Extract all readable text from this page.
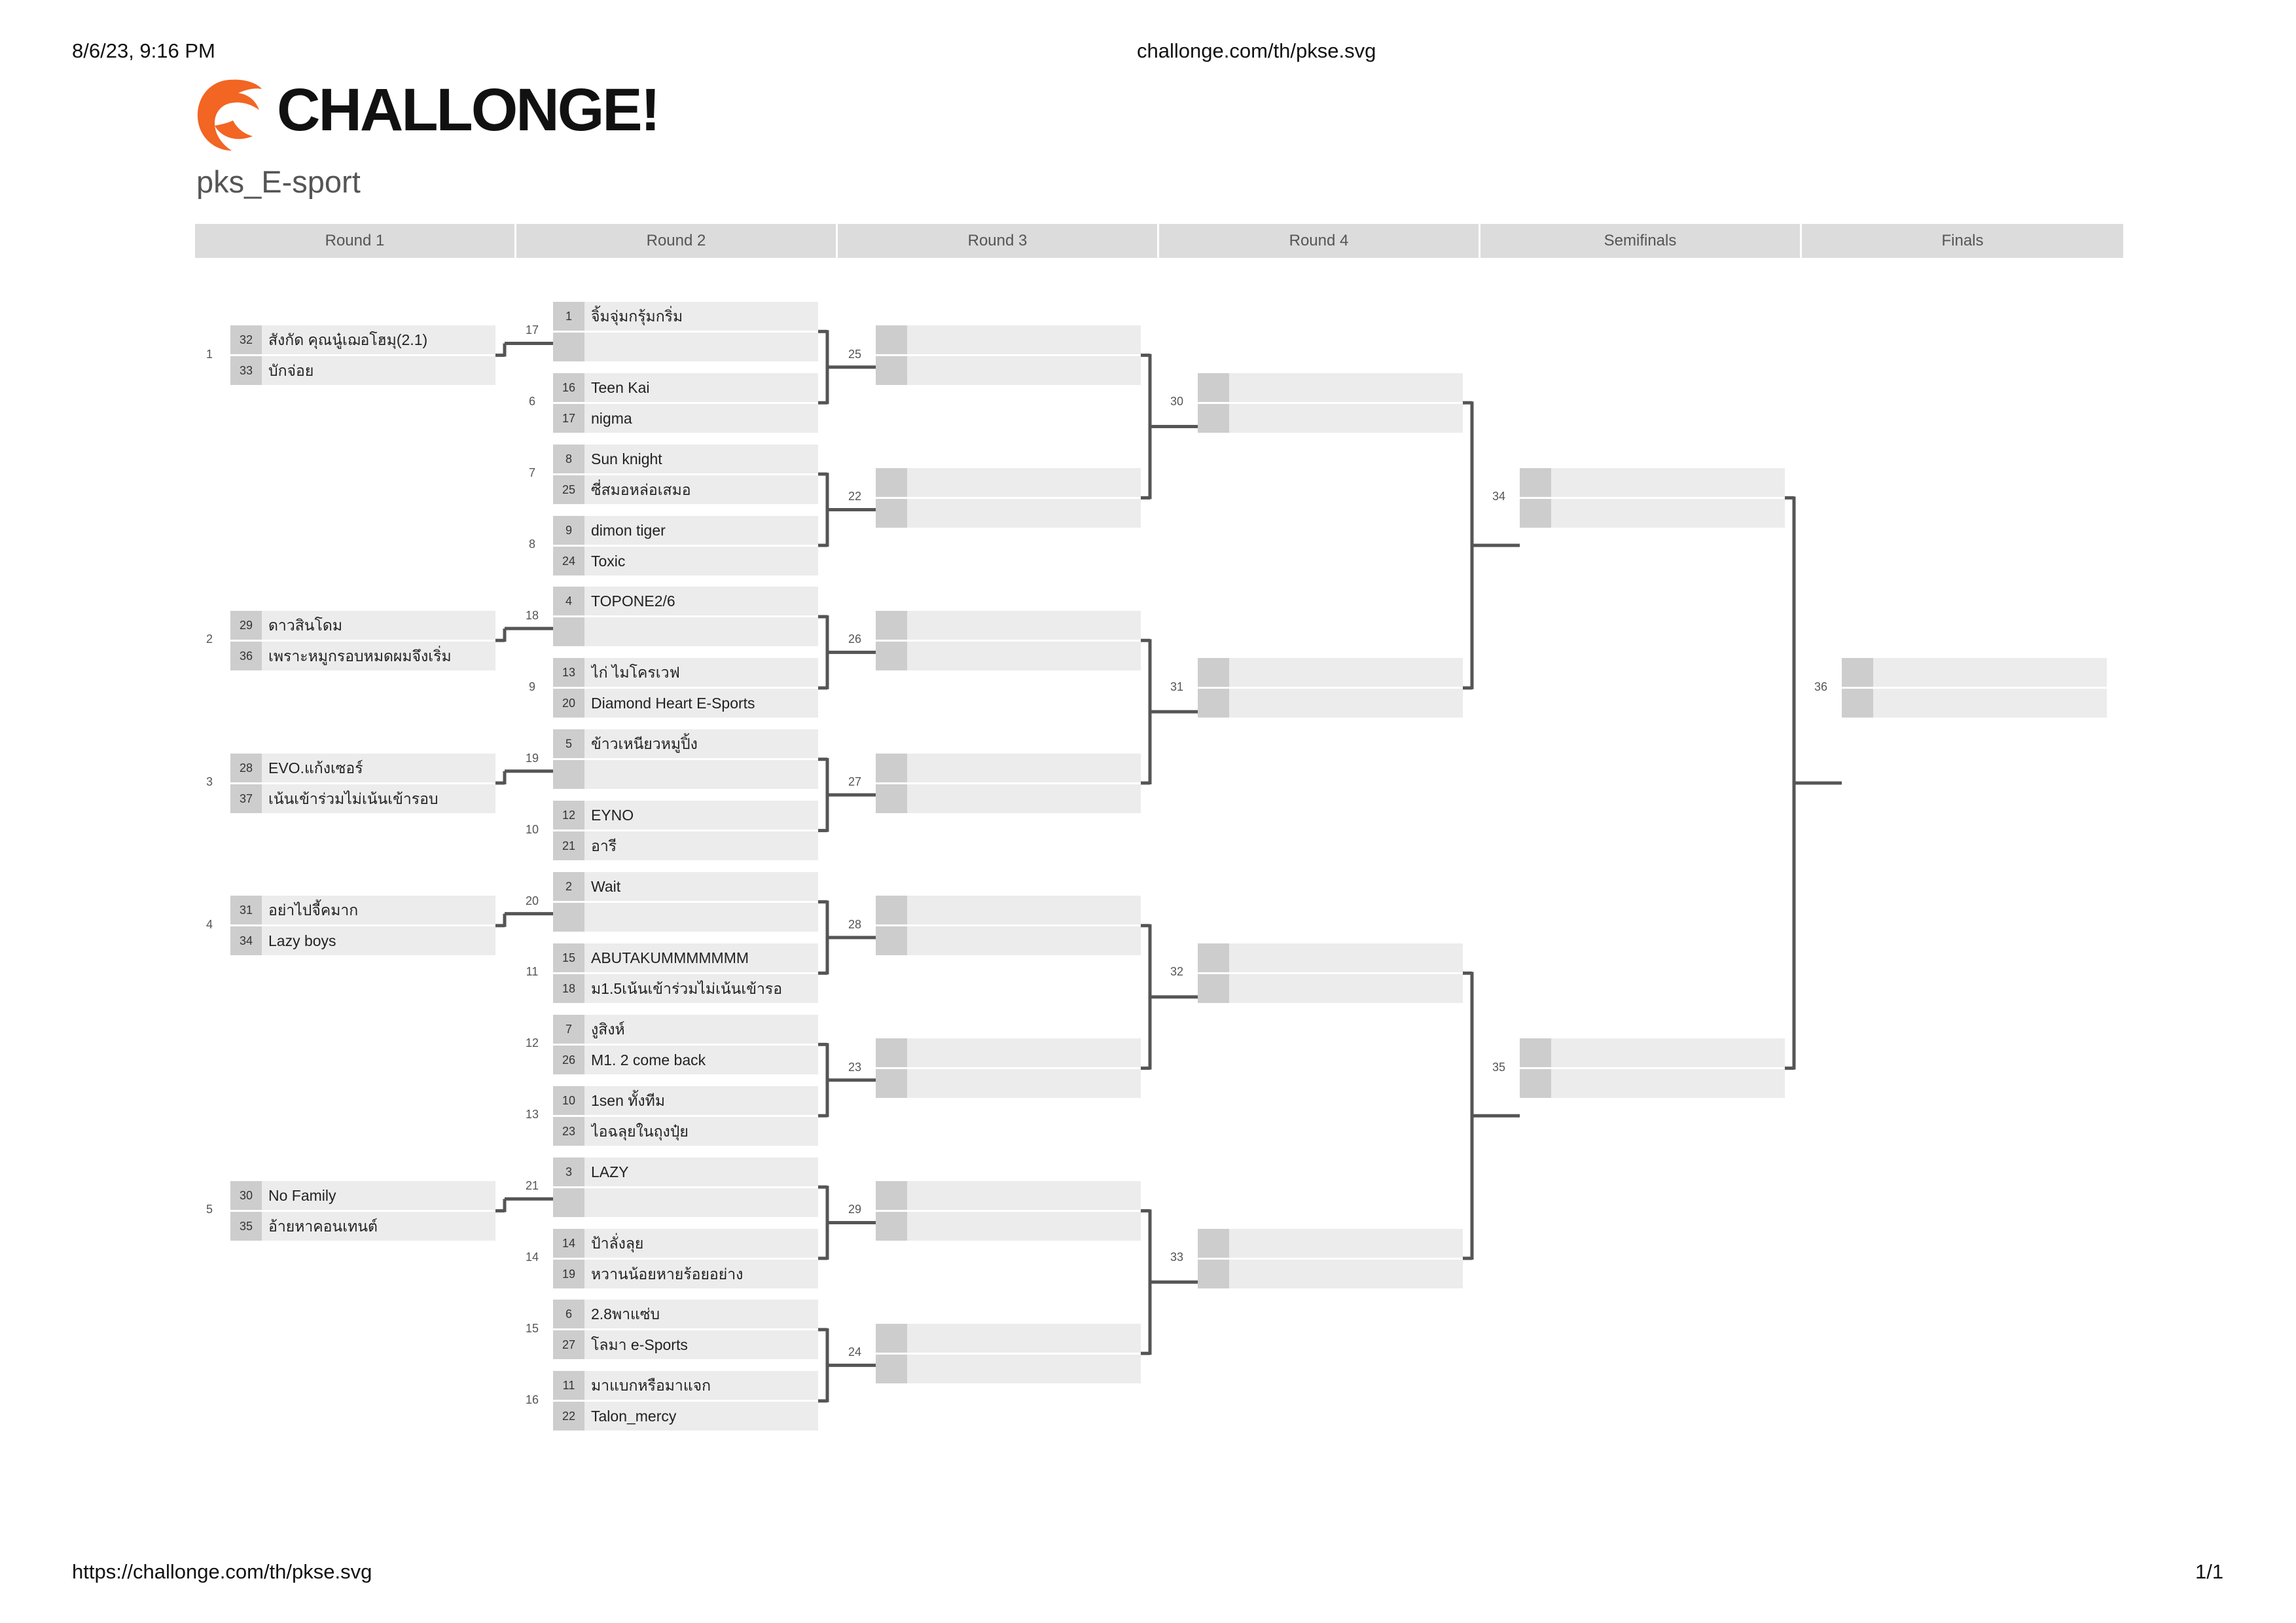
8/6/23, 9:16 PM	challonge.com/th/pkse.svg
CHALLONGE!
pks_E-sport
Round 1	Round 2	Round 3	Round 4	Semifinals	Finals
1
32	สังกัด คุณนู๋เฌอโฮมุ(2.1)
33	บักจ่อย
2
29	ดาวสินโดม
36	เพราะหมูกรอบหมดผมจึงเริ่ม
3
28	EVO.แก้งเซอร์
37	เน้นเข้าร่วมไม่เน้นเข้ารอบ
4
31	อย่าไปจี้คมาก
34	Lazy boys
5
30	No Family
35	อ้ายหาคอนเทนต์
17
1	จิ้มจุ่มกรุ้มกริ่ม
6
16	Teen Kai
17	nigma
7
8	Sun knight
25	ซี่สมอหล่อเสมอ
8
9	dimon tiger
24	Toxic
18
4	TOPONE2/6
9
13	ไก่ ไมโครเวฟ
20	Diamond Heart E-Sports
19
5	ข้าวเหนียวหมูปิ้ง
10
12	EYNO
21	อารี
20
2	Wait
11
15	ABUTAKUMMMMMMM
18	ม1.5เน้นเข้าร่วมไม่เน้นเข้ารอ
12
7	งูสิงห์
26	M1. 2 come back
13
10	1sen ทั้งทีม
23	ไอฉลุยในถุงปุ๋ย
21
3	LAZY
14
14	ป้าลั่งลุย
19	หวานน้อยหายร้อยอย่าง
15
6	2.8พาแซ่บ
27	โลมา e-Sports
16
11	มาแบกหรือมาแจก
22	Talon_mercy
25
22
26
27
28
23
29
24
30
31
32
33
34
35
36
https://challonge.com/th/pkse.svg	1/1
